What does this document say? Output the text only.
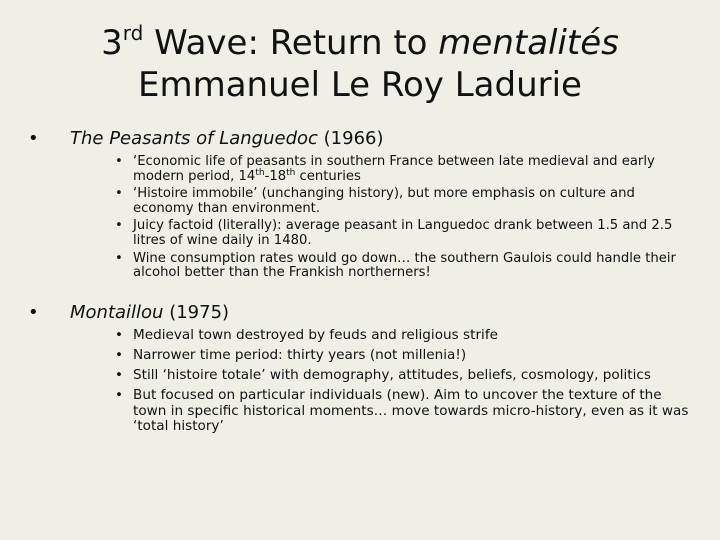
3rd Wave: Return to mentalités
Emmanuel Le Roy Ladurie
• The Peasants of Languedoc (1966)
• ‘Economic life of peasants in southern France between late medieval and early modern period, 14th-18th centuries
• ‘Histoire immobile’ (unchanging history), but more emphasis on culture and economy than environment.
• Juicy factoid (literally): average peasant in Languedoc drank between 1.5 and 2.5 litres of wine daily in 1480.
• Wine consumption rates would go down… the southern Gaulois could handle their alcohol better than the Frankish northerners!
• Montaillou (1975)
• Medieval town destroyed by feuds and religious strife
• Narrower time period: thirty years (not millenia!)
• Still ‘histoire totale’ with demography, attitudes, beliefs, cosmology, politics
• But focused on particular individuals (new). Aim to uncover the texture of the town in specific historical moments… move towards micro-history, even as it was ‘total history’
